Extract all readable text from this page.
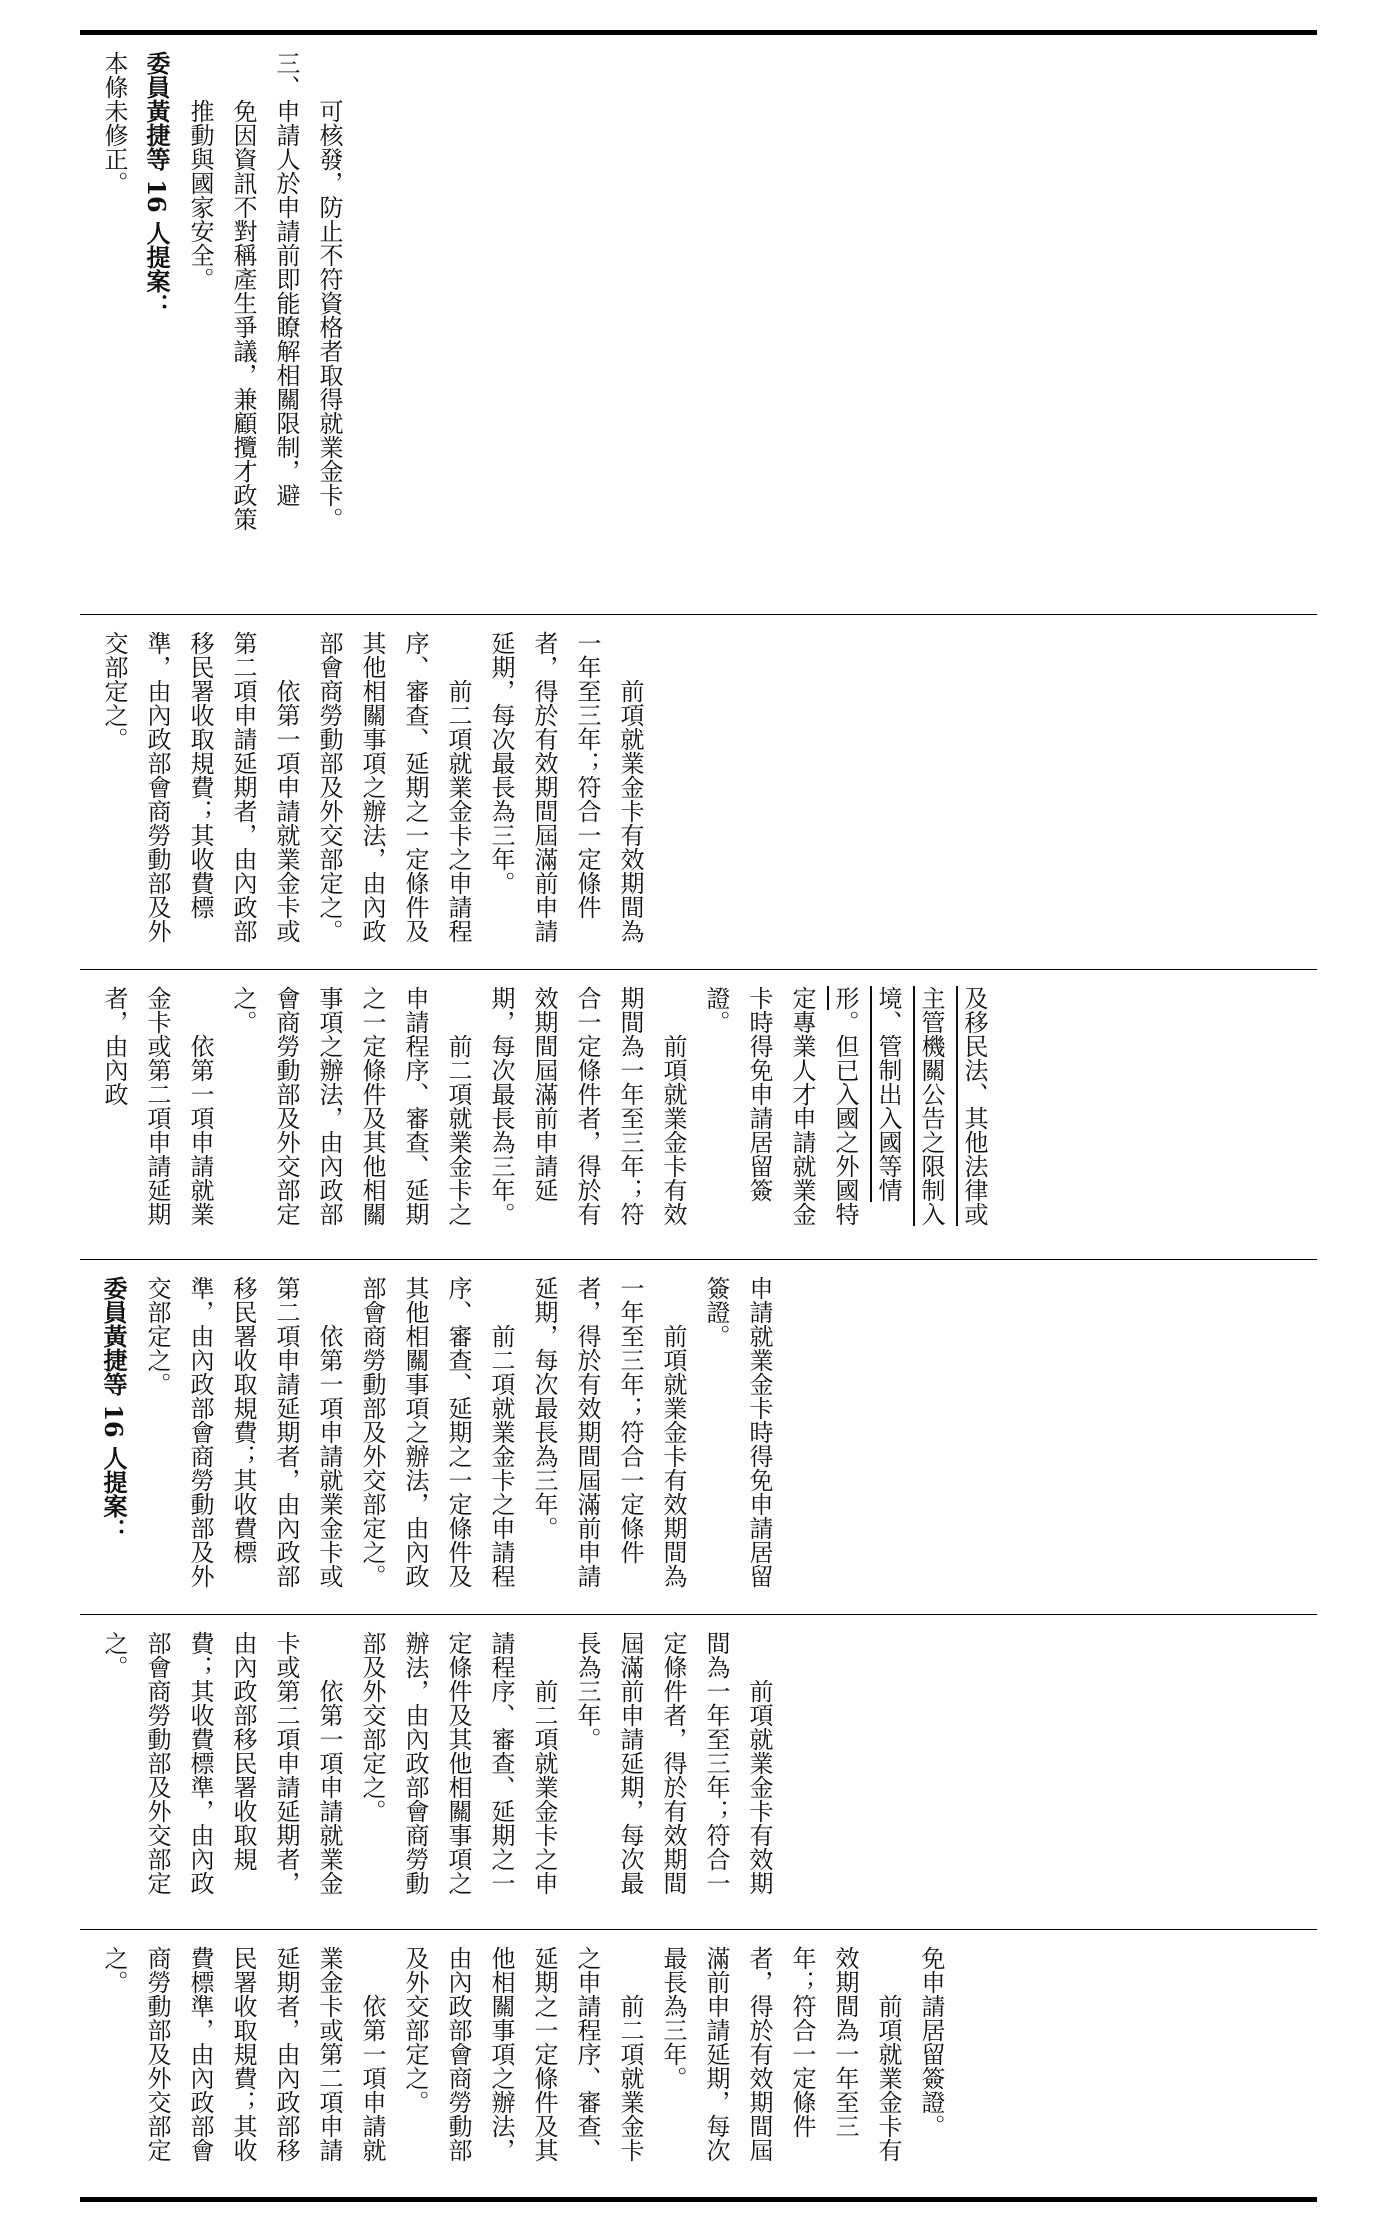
可核發，防止不符資格者取得就業金卡。

三、申請人於申請前即能瞭解相關限制，避

免因資訊不對稱產生爭議，兼顧攬才政策

推動與國家安全。

委員黃捷等 16 人提案：

本條未修正。

前項就業金卡有效期間為一年至三年；符合一定條件者，得於有效期間屆滿前申請延期，每次最長為三年。

前二項就業金卡之申請程序、審查、延期之一定條件及其他相關事項之辦法，由內政部會商勞動部及外交部定之。

依第一項申請就業金卡或第二項申請延期者，由內政部移民署收取規費；其收費標準，由內政部會商勞動部及外交部定之。

及移民法、其他法律或主管機關公告之限制入境、管制出入國等情形。但已入國之外國特定專業人才申請就業金卡時得免申請居留簽證。

前項就業金卡有效期間為一年至三年；符合一定條件者，得於有效期間屆滿前申請延期，每次最長為三年。

前二項就業金卡之申請程序、審查、延期之一定條件及其他相關事項之辦法，由內政部會商勞動部及外交部定之。

依第一項申請就業金卡或第二項申請延期者，由內政

申請就業金卡時得免申請居留簽證。

前項就業金卡有效期間為一年至三年；符合一定條件者，得於有效期間屆滿前申請延期，每次最長為三年。

前二項就業金卡之申請程序、審查、延期之一定條件及其他相關事項之辦法，由內政部會商勞動部及外交部定之。

依第一項申請就業金卡或第二項申請延期者，由內政部移民署收取規費；其收費標準，由內政部會商勞動部及外交部定之。

委員黃捷等 16 人提案：

前項就業金卡有效期間為一年至三年；符合一定條件者，得於有效期間屆滿前申請延期，每次最長為三年。

前二項就業金卡之申請程序、審查、延期之一定條件及其他相關事項之辦法，由內政部會商勞動部及外交部定之。

依第一項申請就業金卡或第二項申請延期者，由內政部移民署收取規費；其收費標準，由內政部會商勞動部及外交部定之。

免申請居留簽證。

前項就業金卡有效期間為一年至三年；符合一定條件者，得於有效期間屆滿前申請延期，每次最長為三年。

前二項就業金卡之申請程序、審查、延期之一定條件及其他相關事項之辦法，由內政部會商勞動部及外交部定之。

依第一項申請就業金卡或第二項申請延期者，由內政部移民署收取規費；其收費標準，由內政部會商勞動部及外交部定之。
